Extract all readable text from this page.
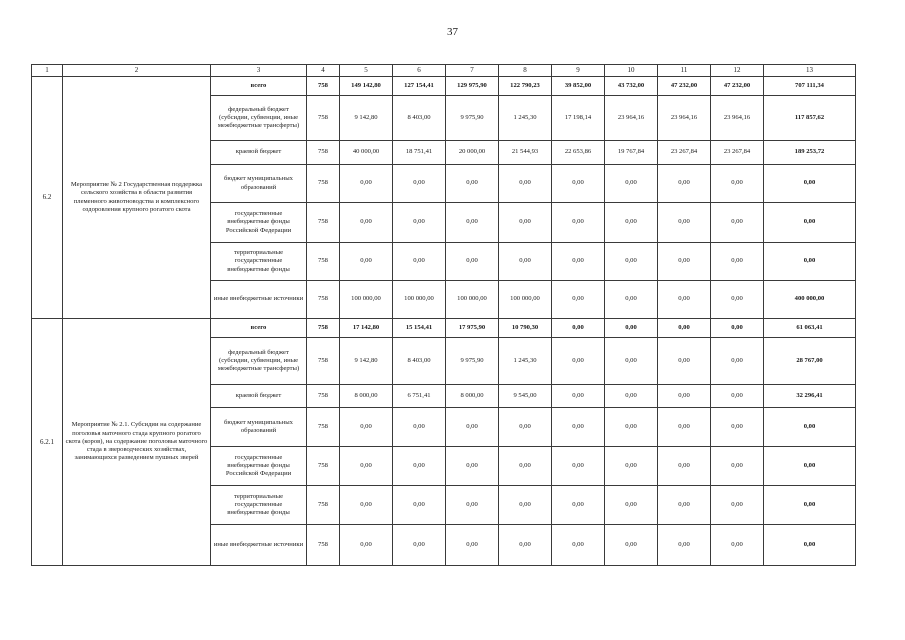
37
1	2	3	4	5	6	7	8	9	10	11	12	13
6.2	Мероприятие № 2 Государственная поддержка сельского хозяйства в области развития племенного животноводства и комплексного оздоровления крупного рогатого скота	всего	758	149 142,80	127 154,41	129 975,90	122 790,23	39 852,00	43 732,00	47 232,00	47 232,00	707 111,34
		федеральный бюджет (субсидии, субвенции, иные межбюджетные трансферты)	758	9 142,80	8 403,00	9 975,90	1 245,30	17 198,14	23 964,16	23 964,16	23 964,16	117 857,62
		краевой бюджет	758	40 000,00	18 751,41	20 000,00	21 544,93	22 653,86	19 767,84	23 267,84	23 267,84	189 253,72
		бюджет муниципальных образований	758	0,00	0,00	0,00	0,00	0,00	0,00	0,00	0,00	0,00
		государственные внебюджетные фонды Российской Федерации	758	0,00	0,00	0,00	0,00	0,00	0,00	0,00	0,00	0,00
		территориальные государственные внебюджетные фонды	758	0,00	0,00	0,00	0,00	0,00	0,00	0,00	0,00	0,00
		иные внебюджетные источники	758	100 000,00	100 000,00	100 000,00	100 000,00	0,00	0,00	0,00	0,00	400 000,00
6.2.1	Мероприятие № 2.1. Субсидии на содержание поголовья маточного стада крупного рогатого скота (коров), на содержание поголовья маточного стада в звероводческих хозяйствах, занимающихся разведением пушных зверей	всего	758	17 142,80	15 154,41	17 975,90	10 790,30	0,00	0,00	0,00	0,00	61 063,41
		федеральный бюджет (субсидии, субвенции, иные межбюджетные трансферты)	758	9 142,80	8 403,00	9 975,90	1 245,30	0,00	0,00	0,00	0,00	28 767,00
		краевой бюджет	758	8 000,00	6 751,41	8 000,00	9 545,00	0,00	0,00	0,00	0,00	32 296,41
		бюджет муниципальных образований	758	0,00	0,00	0,00	0,00	0,00	0,00	0,00	0,00	0,00
		государственные внебюджетные фонды Российской Федерации	758	0,00	0,00	0,00	0,00	0,00	0,00	0,00	0,00	0,00
		территориальные государственные внебюджетные фонды	758	0,00	0,00	0,00	0,00	0,00	0,00	0,00	0,00	0,00
		иные внебюджетные источники	758	0,00	0,00	0,00	0,00	0,00	0,00	0,00	0,00	0,00
